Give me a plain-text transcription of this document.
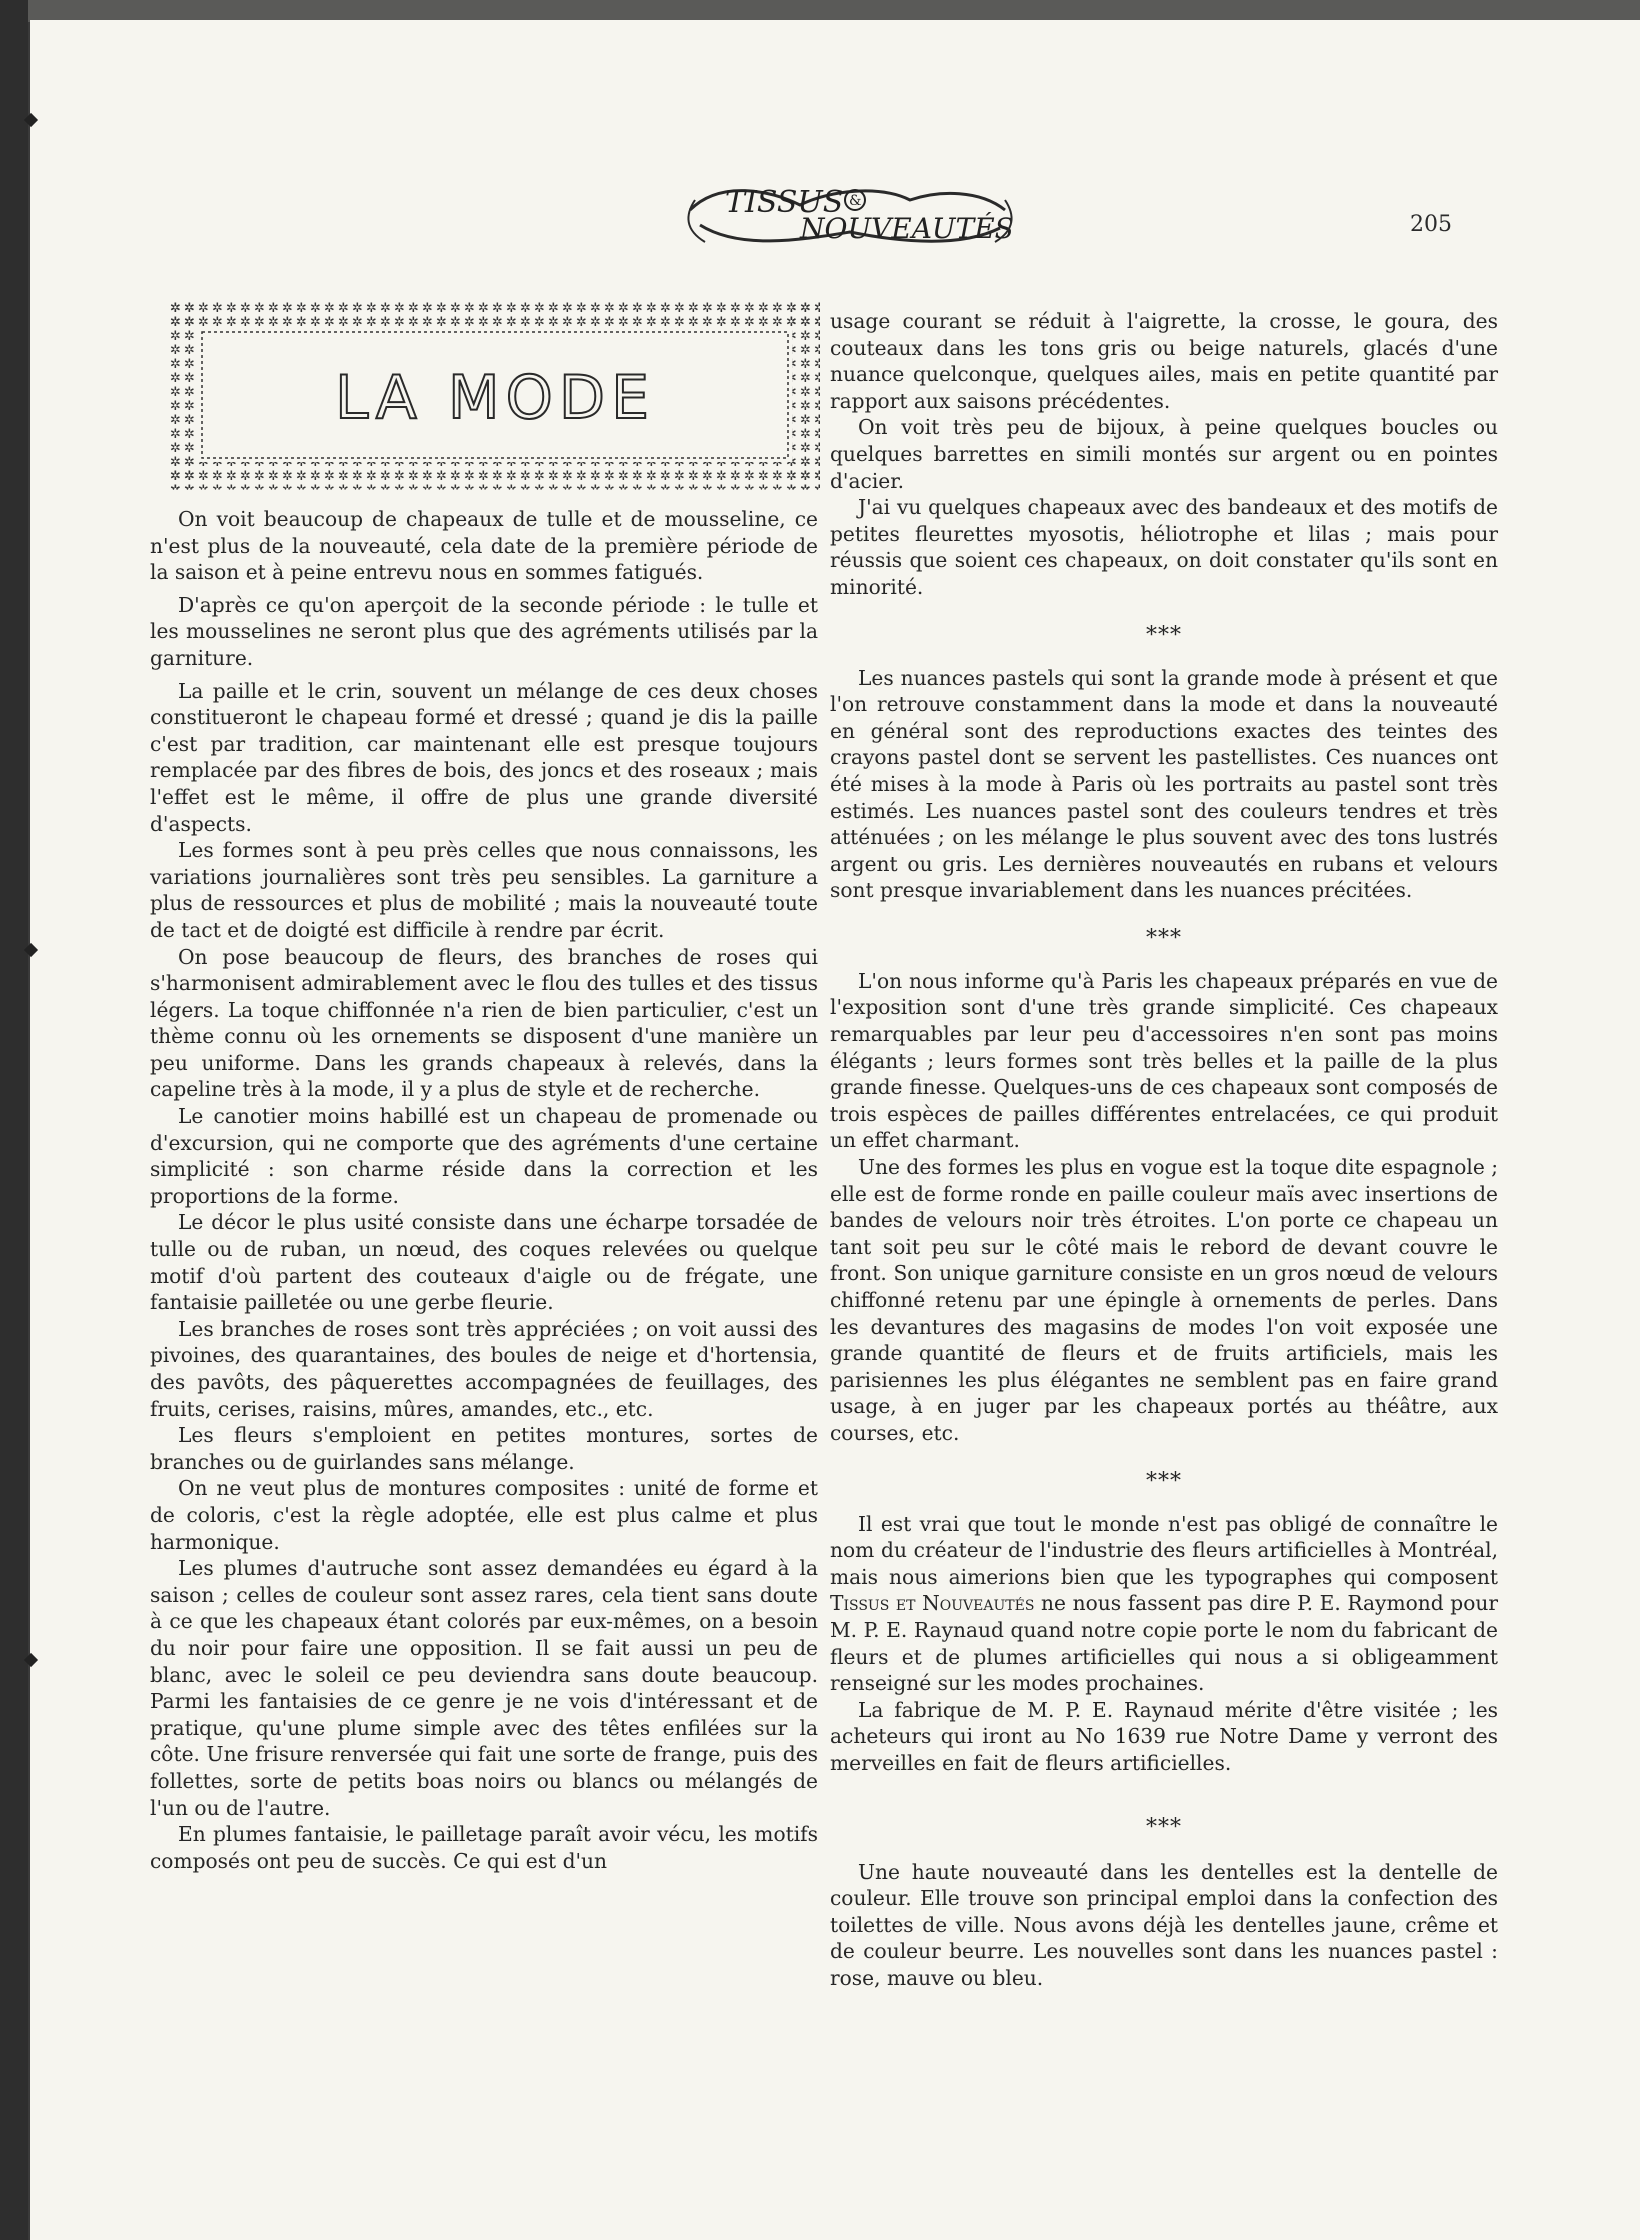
TISSUS &
NOUVEAUTÉS	205
LA MODE

On voit beaucoup de chapeaux de tulle et de mousseline, ce n'est plus de la nouveauté, cela date de la première période de la saison et à peine entrevu nous en sommes fatigués.

D'après ce qu'on aperçoit de la seconde période : le tulle et les mousselines ne seront plus que des agréments utilisés par la garniture.

La paille et le crin, souvent un mélange de ces deux choses constitueront le chapeau formé et dressé ; quand je dis la paille c'est par tradition, car maintenant elle est presque toujours remplacée par des fibres de bois, des joncs et des roseaux ; mais l'effet est le même, il offre de plus une grande diversité d'aspects.

Les formes sont à peu près celles que nous connaissons, les variations journalières sont très peu sensibles. La garniture a plus de ressources et plus de mobilité ; mais la nouveauté toute de tact et de doigté est difficile à rendre par écrit.

On pose beaucoup de fleurs, des branches de roses qui s'harmonisent admirablement avec le flou des tulles et des tissus légers. La toque chiffonnée n'a rien de bien particulier, c'est un thème connu où les ornements se disposent d'une manière un peu uniforme. Dans les grands chapeaux à relevés, dans la capeline très à la mode, il y a plus de style et de recherche.

Le canotier moins habillé est un chapeau de promenade ou d'excursion, qui ne comporte que des agréments d'une certaine simplicité : son charme réside dans la correction et les proportions de la forme.

Le décor le plus usité consiste dans une écharpe torsadée de tulle ou de ruban, un nœud, des coques relevées ou quelque motif d'où partent des couteaux d'aigle ou de frégate, une fantaisie pailletée ou une gerbe fleurie.

Les branches de roses sont très appréciées ; on voit aussi des pivoines, des quarantaines, des boules de neige et d'hortensia, des pavôts, des pâquerettes accompagnées de feuillages, des fruits, cerises, raisins, mûres, amandes, etc., etc.

Les fleurs s'emploient en petites montures, sortes de branches ou de guirlandes sans mélange.

On ne veut plus de montures composites : unité de forme et de coloris, c'est la règle adoptée, elle est plus calme et plus harmonique.

Les plumes d'autruche sont assez demandées eu égard à la saison ; celles de couleur sont assez rares, cela tient sans doute à ce que les chapeaux étant colorés par eux-mêmes, on a besoin du noir pour faire une opposition. Il se fait aussi un peu de blanc, avec le soleil ce peu deviendra sans doute beaucoup. Parmi les fantaisies de ce genre je ne vois d'intéressant et de pratique, qu'une plume simple avec des têtes enfilées sur la côte. Une frisure renversée qui fait une sorte de frange, puis des follettes, sorte de petits boas noirs ou blancs ou mélangés de l'un ou de l'autre.

En plumes fantaisie, le pailletage paraît avoir vécu, les motifs composés ont peu de succès. Ce qui est d'un

usage courant se réduit à l'aigrette, la crosse, le goura, des couteaux dans les tons gris ou beige naturels, glacés d'une nuance quelconque, quelques ailes, mais en petite quantité par rapport aux saisons précédentes.

On voit très peu de bijoux, à peine quelques boucles ou quelques barrettes en simili montés sur argent ou en pointes d'acier.

J'ai vu quelques chapeaux avec des bandeaux et des motifs de petites fleurettes myosotis, héliotrophe et lilas ; mais pour réussis que soient ces chapeaux, on doit constater qu'ils sont en minorité.

***

Les nuances pastels qui sont la grande mode à présent et que l'on retrouve constamment dans la mode et dans la nouveauté en général sont des reproductions exactes des teintes des crayons pastel dont se servent les pastellistes. Ces nuances ont été mises à la mode à Paris où les portraits au pastel sont très estimés. Les nuances pastel sont des couleurs tendres et très atténuées ; on les mélange le plus souvent avec des tons lustrés argent ou gris. Les dernières nouveautés en rubans et velours sont presque invariablement dans les nuances précitées.

***

L'on nous informe qu'à Paris les chapeaux préparés en vue de l'exposition sont d'une très grande simplicité. Ces chapeaux remarquables par leur peu d'accessoires n'en sont pas moins élégants ; leurs formes sont très belles et la paille de la plus grande finesse. Quelques-uns de ces chapeaux sont composés de trois espèces de pailles différentes entrelacées, ce qui produit un effet charmant.

Une des formes les plus en vogue est la toque dite espagnole ; elle est de forme ronde en paille couleur maïs avec insertions de bandes de velours noir très étroites. L'on porte ce chapeau un tant soit peu sur le côté mais le rebord de devant couvre le front. Son unique garniture consiste en un gros nœud de velours chiffonné retenu par une épingle à ornements de perles. Dans les devantures des magasins de modes l'on voit exposée une grande quantité de fleurs et de fruits artificiels, mais les parisiennes les plus élégantes ne semblent pas en faire grand usage, à en juger par les chapeaux portés au théâtre, aux courses, etc.

***

Il est vrai que tout le monde n'est pas obligé de connaître le nom du créateur de l'industrie des fleurs artificielles à Montréal, mais nous aimerions bien que les typographes qui composent Tissus et Nouveautés ne nous fassent pas dire P. E. Raymond pour M. P. E. Raynaud quand notre copie porte le nom du fabricant de fleurs et de plumes artificielles qui nous a si obligeamment renseigné sur les modes prochaines.

La fabrique de M. P. E. Raynaud mérite d'être visitée ; les acheteurs qui iront au No 1639 rue Notre Dame y verront des merveilles en fait de fleurs artificielles.

***

Une haute nouveauté dans les dentelles est la dentelle de couleur. Elle trouve son principal emploi dans la confection des toilettes de ville. Nous avons déjà les dentelles jaune, crême et de couleur beurre. Les nouvelles sont dans les nuances pastel : rose, mauve ou bleu.
